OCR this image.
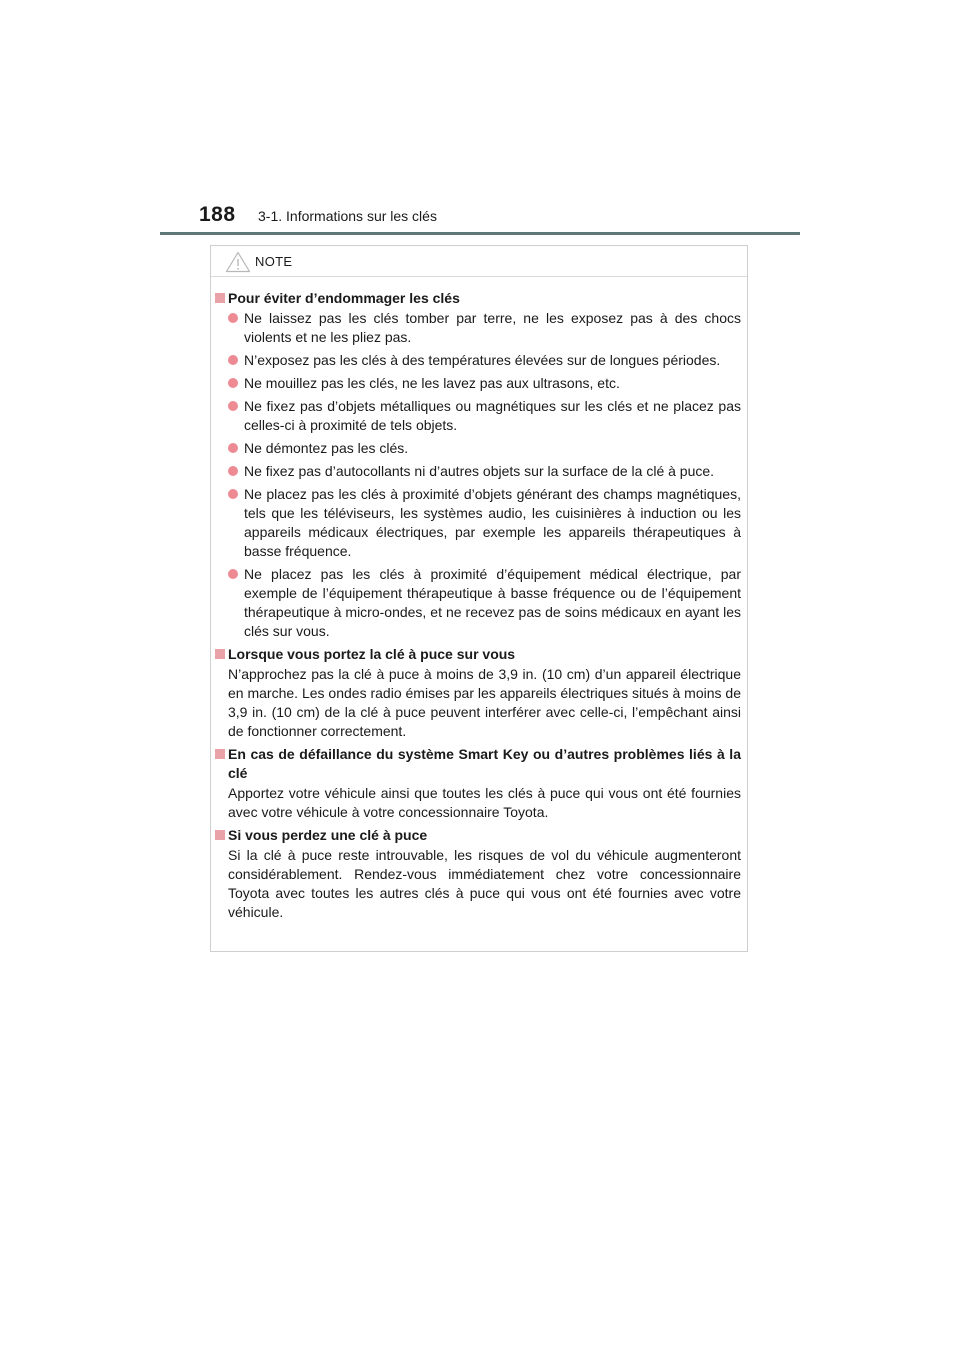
188 3-1. Informations sur les clés
NOTE
Pour éviter d’endommager les clés
Ne laissez pas les clés tomber par terre, ne les exposez pas à des chocs violents et ne les pliez pas.
N’exposez pas les clés à des températures élevées sur de longues périodes.
Ne mouillez pas les clés, ne les lavez pas aux ultrasons, etc.
Ne fixez pas d’objets métalliques ou magnétiques sur les clés et ne placez pas celles-ci à proximité de tels objets.
Ne démontez pas les clés.
Ne fixez pas d’autocollants ni d’autres objets sur la surface de la clé à puce.
Ne placez pas les clés à proximité d’objets générant des champs magnétiques, tels que les téléviseurs, les systèmes audio, les cuisinières à induction ou les appareils médicaux électriques, par exemple les appareils thérapeutiques à basse fréquence.
Ne placez pas les clés à proximité d’équipement médical électrique, par exemple de l’équipement thérapeutique à basse fréquence ou de l’équipement thérapeutique à micro-ondes, et ne recevez pas de soins médicaux en ayant les clés sur vous.
Lorsque vous portez la clé à puce sur vous
N’approchez pas la clé à puce à moins de 3,9 in. (10 cm) d’un appareil électrique en marche. Les ondes radio émises par les appareils électriques situés à moins de 3,9 in. (10 cm) de la clé à puce peuvent interférer avec celle-ci, l’empêchant ainsi de fonctionner correctement.
En cas de défaillance du système Smart Key ou d’autres problèmes liés à la clé
Apportez votre véhicule ainsi que toutes les clés à puce qui vous ont été fournies avec votre véhicule à votre concessionnaire Toyota.
Si vous perdez une clé à puce
Si la clé à puce reste introuvable, les risques de vol du véhicule augmenteront considérablement. Rendez-vous immédiatement chez votre concessionnaire Toyota avec toutes les autres clés à puce qui vous ont été fournies avec votre véhicule.
